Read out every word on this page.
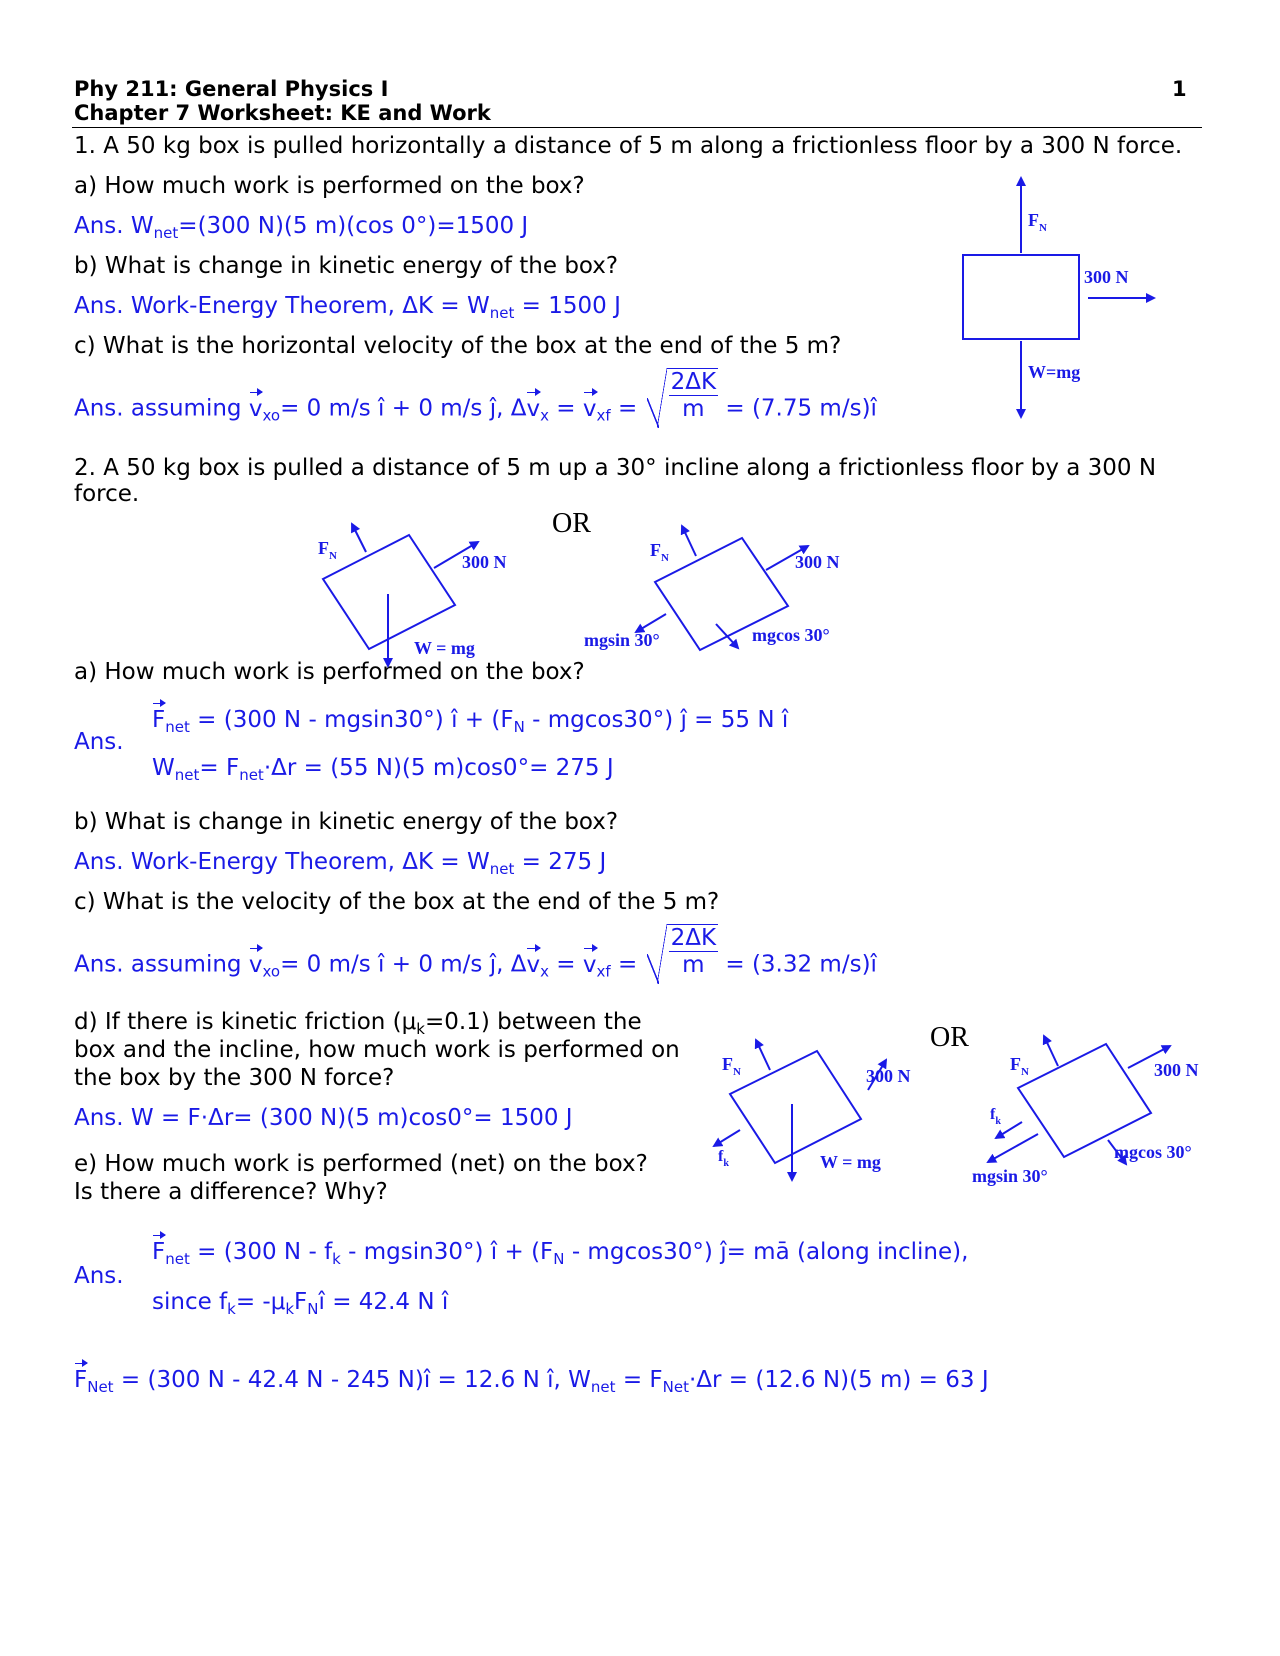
Phy 211: General Physics I
Chapter 7 Worksheet: KE and Work
1
1. A 50 kg box is pulled horizontally a distance of 5 m along a frictionless floor by a 300 N force.
a) How much work is performed on the box?
Ans. $W_{net}=(300$ N)(5 m)(cos 0°)=1500 J
b) What is change in kinetic energy of the box?
Ans. Work-Energy Theorem, $\Delta K = W_{net} = 1500$ J
c) What is the horizontal velocity of the box at the end of the 5 m?
Ans. assuming $v_{xo}= 0$ m/s î + 0 m/s ĵ, $\Delta v_x = v_{xf} = \frac{2\Delta K}{m} = (7.75$ m/s)î
$F_N$
300 N
W=mg
2. A 50 kg box is pulled a distance of 5 m up a 30° incline along a frictionless floor by a 300 N
force.
OR
$F_N$	300 N
W = mg
$F_N$	300 N
mgsin 30°	mgcos 30°
a) How much work is performed on the box?
Ans.
$F_{net} = (300$ N - mgsin30°) î + $(F_N - mgcos30^\circ)$ ĵ = 55 N î
$W_{net}= F_{net}\cdot\Delta r = (55$ N)(5 m)cos0°= 275 J
b) What is change in kinetic energy of the box?
Ans. Work-Energy Theorem, $\Delta K = W_{net} = 275$ J
c) What is the velocity of the box at the end of the 5 m?
Ans. assuming $v_{xo}= 0$ m/s î + 0 m/s ĵ, $\Delta v_x = v_{xf} = \frac{2\Delta K}{m} = (3.32$ m/s)î
d) If there is kinetic friction $(\mu_k=0.1)$ between the
box and the incline, how much work is performed on
the box by the 300 N force?
Ans. W = F·Δr= (300 N)(5 m)cos0°= 1500 J
e) How much work is performed (net) on the box?
Is there a difference? Why?
OR
$F_N$	300 N
$f_k$	W = mg
$F_N$	300 N
$f_k$
mgsin 30°
mgcos 30°
Ans.
$F_{net} = (300$ N - $f_k - mgsin30^\circ$) î + $(F_N - mgcos30^\circ)$ ĵ= mā (along incline),
since $f_k=$ $-\mu_kF_Nî = 42.4$ N î
$F_{Net} = (300$ N - 42.4 N - 245 N)î = 12.6 N î, $W_{net} = F_{Net}\cdot\Delta r = (12.6$ N)(5 m) = 63 J
